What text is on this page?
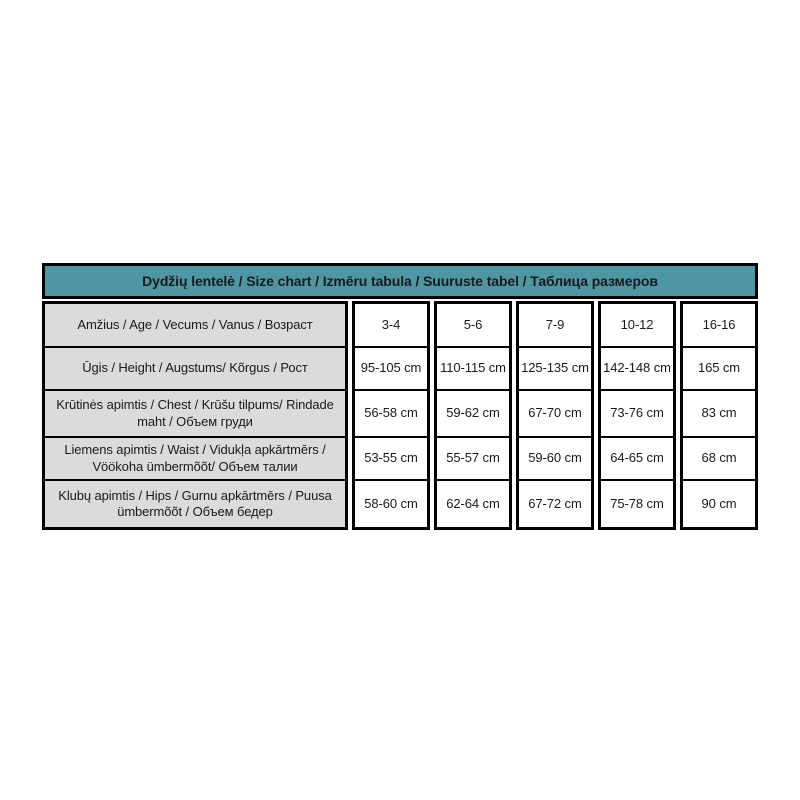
Dydžių lentelė / Size chart / Izmēru tabula / Suuruste tabel / Таблица размеров
Amžius / Age / Vecums / Vanus / Возраст
Ūgis / Height / Augstums/ Kõrgus / Рост
Krūtinės apimtis / Chest / Krūšu tilpums/ Rindade maht / Объем груди
Liemens apimtis / Waist / Vidukļa apkārtmērs / Vöökoha ümbermõõt/ Объем талии
Klubų apimtis / Hips / Gurnu apkārtmērs / Puusa ümbermõõt / Объем бедер
3-4
95-105 cm
56-58 cm
53-55 cm
58-60 cm
5-6
110-115 cm
59-62 cm
55-57 cm
62-64 cm
7-9
125-135 cm
67-70 cm
59-60 cm
67-72 cm
10-12
142-148 cm
73-76 cm
64-65 cm
75-78 cm
16-16
165 cm
83 cm
68 cm
90 cm
